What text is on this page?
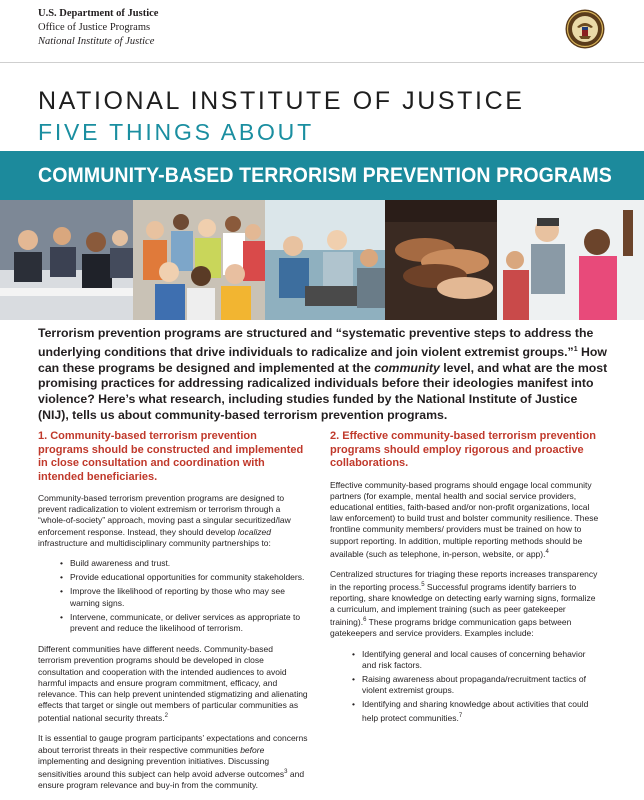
U.S. Department of Justice
Office of Justice Programs
National Institute of Justice
NATIONAL INSTITUTE OF JUSTICE
FIVE THINGS ABOUT
COMMUNITY-BASED TERRORISM PREVENTION PROGRAMS
Terrorism prevention programs are structured and “systematic preventive steps to address the underlying conditions that drive individuals to radicalize and join violent extremist groups.”$^1$ How can these programs be designed and implemented at the community level, and what are the most promising practices for addressing radicalized individuals before their ideologies manifest into violence? Here’s what research, including studies funded by the National Institute of Justice (NIJ), tells us about community-based terrorism prevention programs.
1. Community-based terrorism prevention programs should be constructed and implemented in close consultation and coordination with intended beneficiaries.

Community-based terrorism prevention programs are designed to prevent radicalization to violent extremism or terrorism through a “whole-of-society” approach, moving past a singular securitized/law enforcement response. Instead, they should develop localized infrastructure and multidisciplinary community partnerships to:

• Build awareness and trust.
• Provide educational opportunities for community stakeholders.
• Improve the likelihood of reporting by those who may see warning signs.
• Intervene, communicate, or deliver services as appropriate to prevent and reduce the likelihood of terrorism.

Different communities have different needs. Community-based terrorism prevention programs should be developed in close consultation and cooperation with the intended audiences to avoid harmful impacts and ensure program commitment, efficacy, and relevance. This can help prevent unintended stigmatizing and alienating effects that target or single out members of particular communities as potential national security threats.$^2$

It is essential to gauge program participants’ expectations and concerns about terrorist threats in their respective communities before implementing and designing prevention initiatives. Discussing sensitivities around this subject can help avoid adverse outcomes$^3$ and ensure program relevance and buy-in from the community.

2. Effective community-based terrorism prevention programs should employ rigorous and proactive collaborations.

Effective community-based programs should engage local community partners (for example, mental health and social service providers, educational entities, faith-based and/or non-profit organizations, local law enforcement) to build trust and bolster community resilience. These frontline community members/ providers must be trained on how to support reporting. In addition, multiple reporting methods should be available (such as telephone, in-person, website, or app).$^4$

Centralized structures for triaging these reports increases transparency in the reporting process.$^5$ Successful programs identify barriers to reporting, share knowledge on detecting early warning signs, formalize a curriculum, and implement training (such as peer gatekeeper training).$^6$ These programs bridge communication gaps between gatekeepers and service providers. Examples include:

• Identifying general and local causes of concerning behavior and risk factors.
• Raising awareness about propaganda/recruitment tactics of violent extremist groups.
• Identifying and sharing knowledge about activities that could help protect communities.$^7$
